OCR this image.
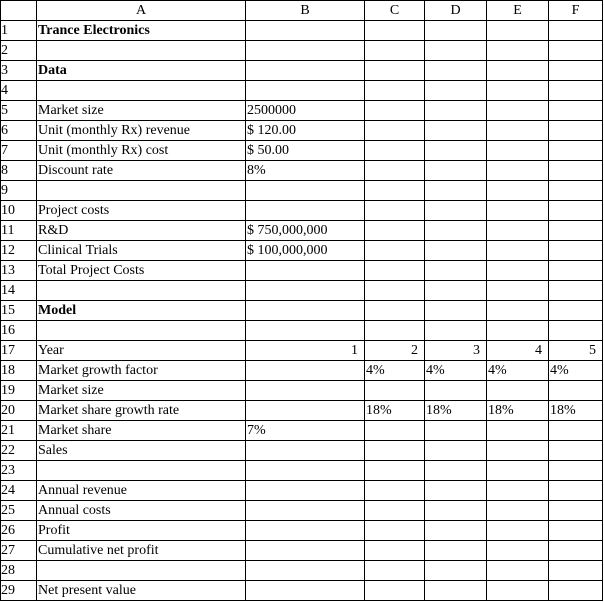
	A	B	C	D	E	F
1	Trance Electronics					
2						
3	Data					
4						
5	Market size	2500000				
6	Unit (monthly Rx) revenue	$ 120.00				
7	Unit (monthly Rx) cost	$ 50.00				
8	Discount rate	8%				
9						
10	Project costs					
11	R&D	$ 750,000,000				
12	Clinical Trials	$ 100,000,000				
13	Total Project Costs					
14						
15	Model					
16						
17	Year	1	2	3	4	5
18	Market growth factor		4%	4%	4%	4%
19	Market size					
20	Market share growth rate		18%	18%	18%	18%
21	Market share	7%				
22	Sales					
23						
24	Annual revenue					
25	Annual costs					
26	Profit					
27	Cumulative net profit					
28						
29	Net present value					
